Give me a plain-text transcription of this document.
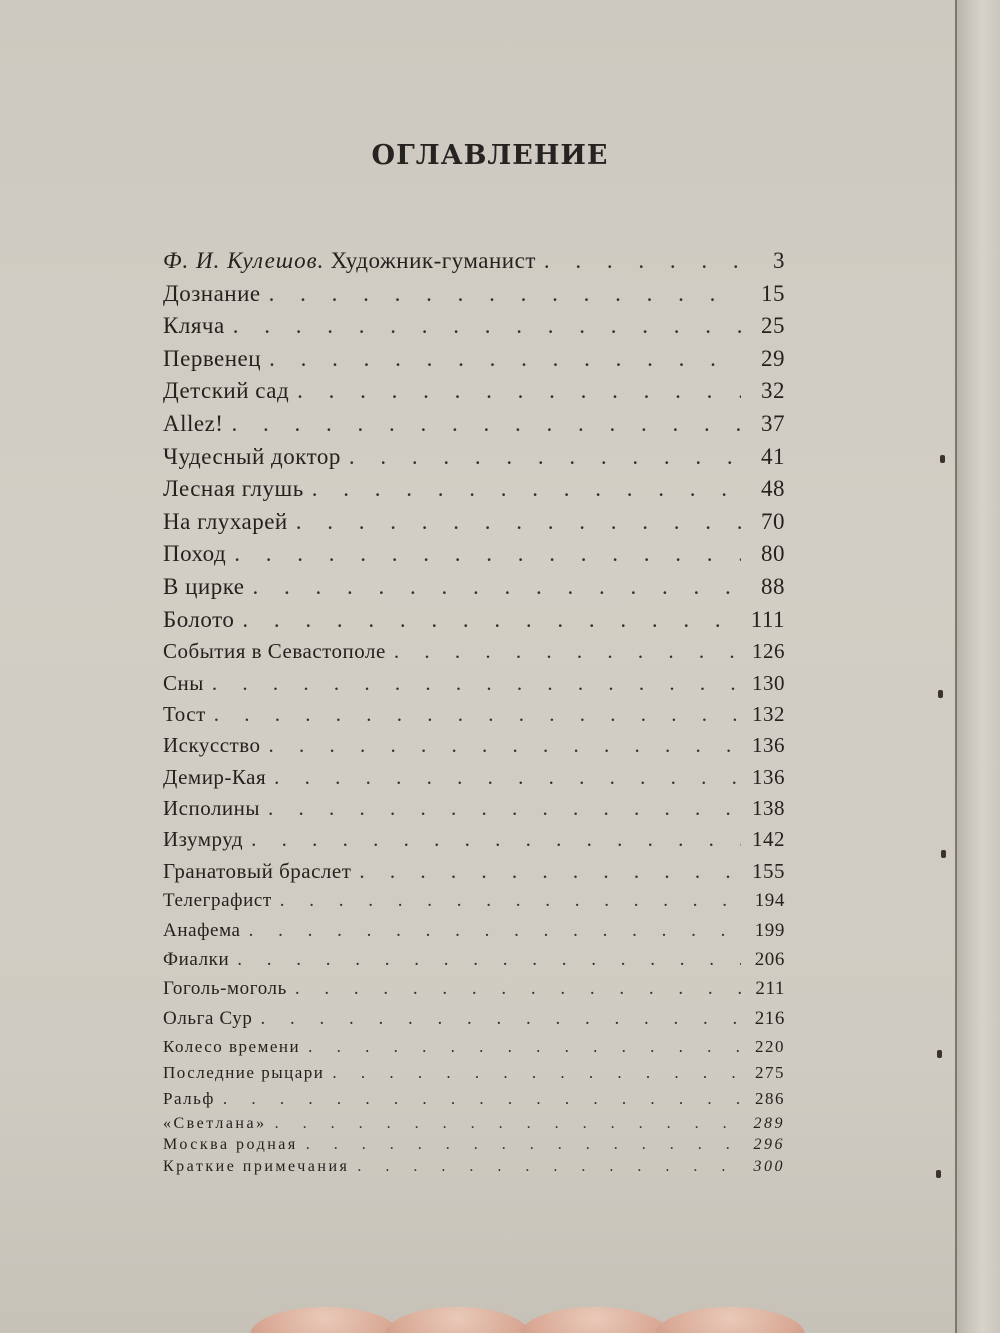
ОГЛАВЛЕНИЕ
Ф. И. Кулешов. Художник-гуманист . . .	3
Дознание . . .	15
Кляча . . .	25
Первенец . . .	29
Детский сад . . .	32
Allez! . . .	37
Чудесный доктор . . .	41
Лесная глушь . . .	48
На глухарей . . .	70
Поход . . .	80
В цирке . . .	88
Болото . . .	111
События в Севастополе . . .	126
Сны . . .	130
Тост . . .	132
Искусство . . .	136
Демир-Кая . . .	136
Исполины . . .	138
Изумруд . . .	142
Гранатовый браслет . . .	155
Телеграфист . . .	194
Анафема . . .	199
Фиалки . . .	206
Гоголь-моголь . . .	211
Ольга Сур . . .	216
Колесо времени . . .	220
Последние рыцари . . .	275
Ральф . . .	286
«Светлана» . . .	289
Москва родная . . .	296
Краткие примечания . . .	300
